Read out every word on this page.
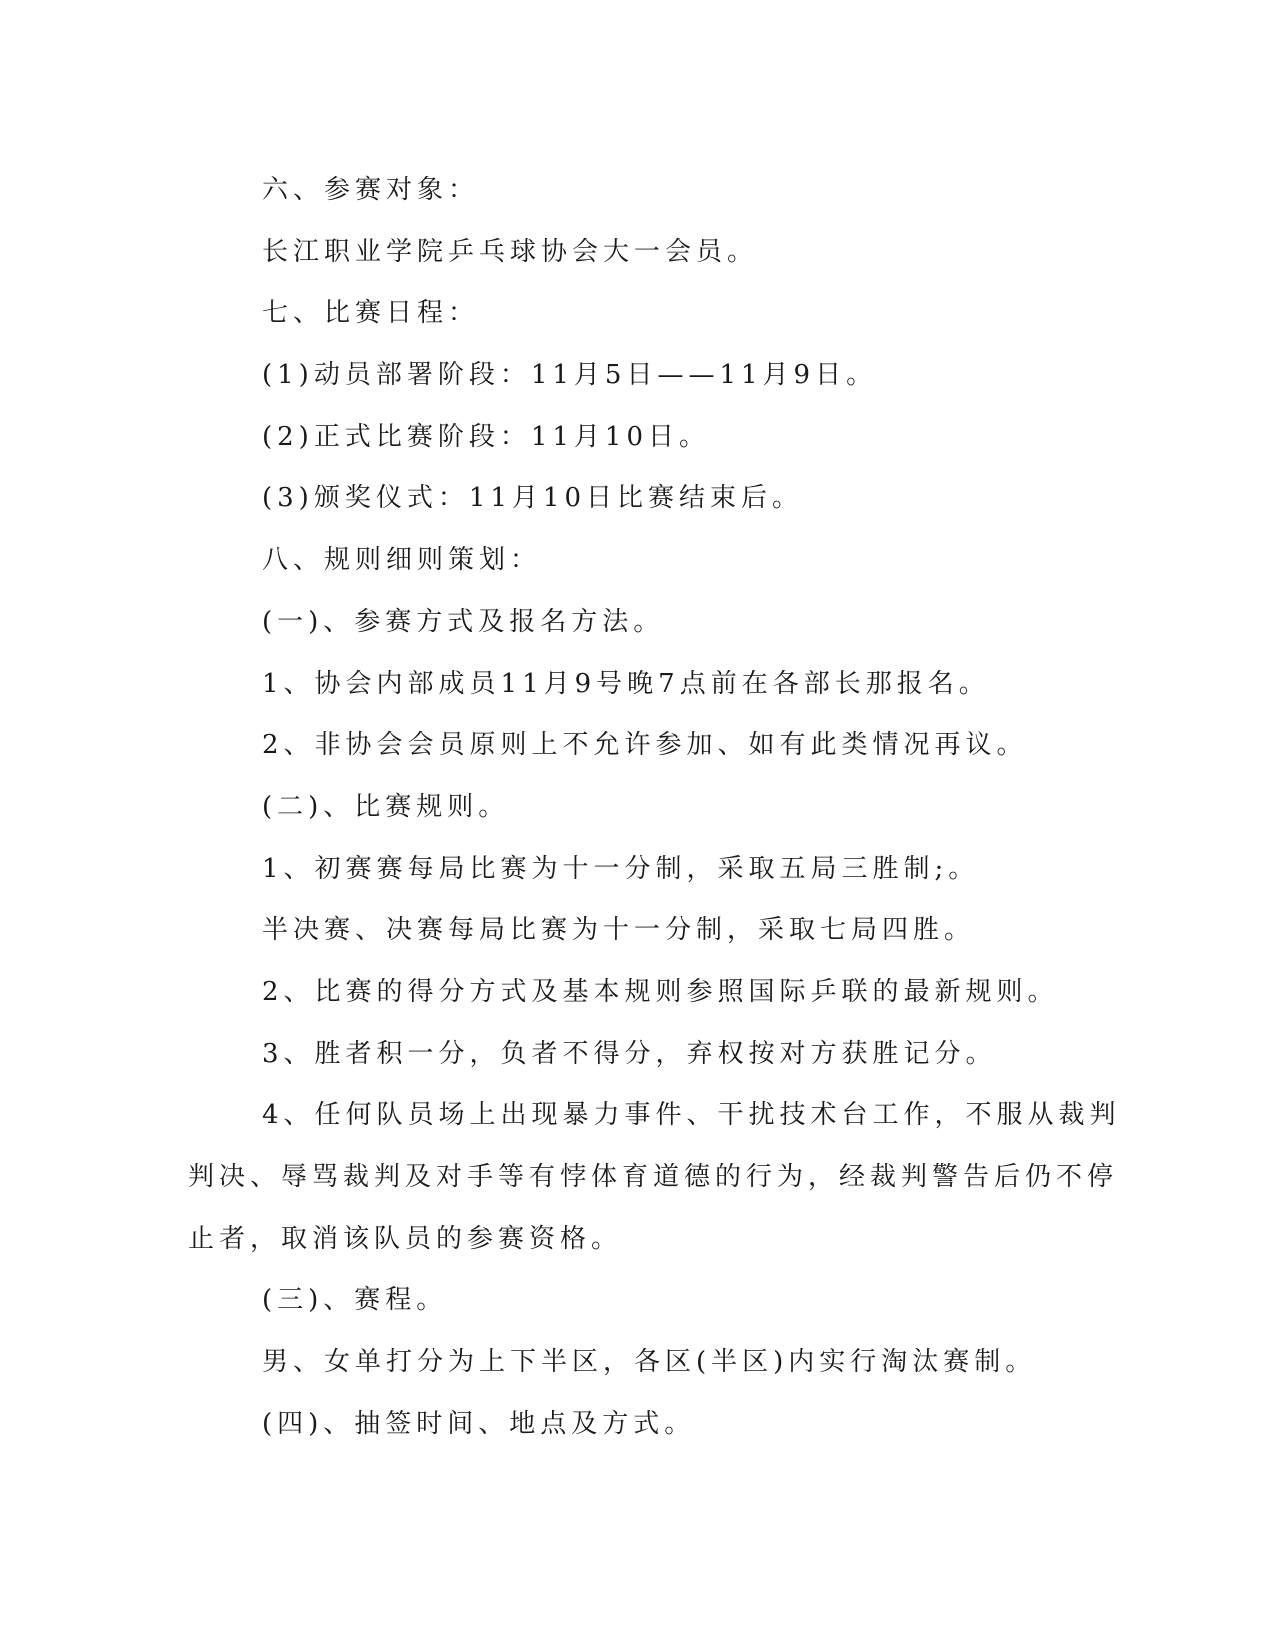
六、参赛对象：
长江职业学院乒乓球协会大一会员。
七、比赛日程：
(1)动员部署阶段：11月5日——11月9日。
(2)正式比赛阶段：11月10日。
(3)颁奖仪式：11月10日比赛结束后。
八、规则细则策划：
(一)、参赛方式及报名方法。
1、协会内部成员11月9号晚7点前在各部长那报名。
2、非协会会员原则上不允许参加、如有此类情况再议。
(二)、比赛规则。
1、初赛赛每局比赛为十一分制，采取五局三胜制;。
半决赛、决赛每局比赛为十一分制，采取七局四胜。
2、比赛的得分方式及基本规则参照国际乒联的最新规则。
3、胜者积一分，负者不得分，弃权按对方获胜记分。
4、任何队员场上出现暴力事件、干扰技术台工作，不服从裁判
判决、辱骂裁判及对手等有悖体育道德的行为，经裁判警告后仍不停
止者，取消该队员的参赛资格。
(三)、赛程。
男、女单打分为上下半区，各区(半区)内实行淘汰赛制。
(四)、抽签时间、地点及方式。
